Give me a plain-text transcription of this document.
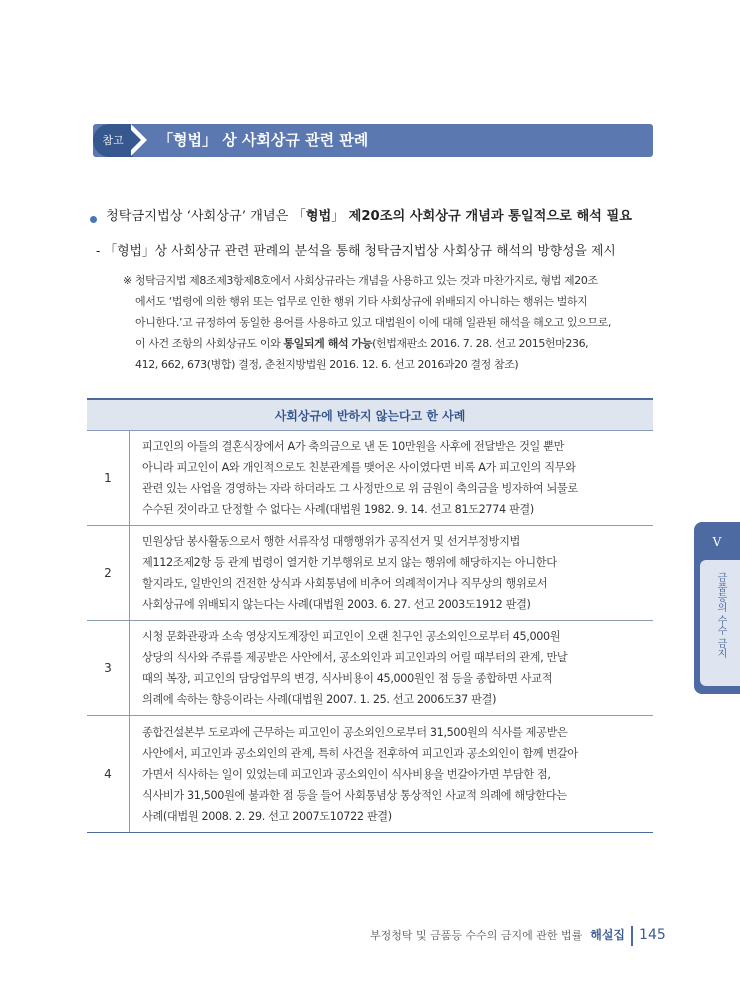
참고	「형법」 상 사회상규 관련 판례
청탁금지법상 ‘사회상규’ 개념은 「형법」 제20조의 사회상규 개념과 통일적으로 해석 필요
- 「형법」상 사회상규 관련 판례의 분석을 통해 청탁금지법상 사회상규 해석의 방향성을 제시
※ 청탁금지법 제8조제3항제8호에서 사회상규라는 개념을 사용하고 있는 것과 마찬가지로, 형법 제20조
에서도 ‘법령에 의한 행위 또는 업무로 인한 행위 기타 사회상규에 위배되지 아니하는 행위는 벌하지
아니한다.’고 규정하여 동일한 용어를 사용하고 있고 대법원이 이에 대해 일관된 해석을 해오고 있으므로,
이 사건 조항의 사회상규도 이와 통일되게 해석 가능(헌법재판소 2016. 7. 28. 선고 2015헌마236,
412, 662, 673(병합) 결정, 춘천지방법원 2016. 12. 6. 선고 2016과20 결정 참조)
사회상규에 반하지 않는다고 한 사례	
1	피고인의 아들의 결혼식장에서 A가 축의금으로 낸 돈 10만원을 사후에 전달받은 것일 뿐만
아니라 피고인이 A와 개인적으로도 친분관계를 맺어온 사이였다면 비록 A가 피고인의 직무와
관련 있는 사업을 경영하는 자라 하더라도 그 사정만으로 위 금원이 축의금을 빙자하여 뇌물로
수수된 것이라고 단정할 수 없다는 사례(대법원 1982. 9. 14. 선고 81도2774 판결)

2	민원상담 봉사활동으로서 행한 서류작성 대행행위가 공직선거 및 선거부정방지법
제112조제2항 등 관계 법령이 열거한 기부행위로 보지 않는 행위에 해당하지는 아니한다
할지라도, 일반인의 건전한 상식과 사회통념에 비추어 의례적이거나 직무상의 행위로서
사회상규에 위배되지 않는다는 사례(대법원 2003. 6. 27. 선고 2003도1912 판결)

3	시청 문화관광과 소속 영상지도계장인 피고인이 오랜 친구인 공소외인으로부터 45,000원
상당의 식사와 주류를 제공받은 사안에서, 공소외인과 피고인과의 어릴 때부터의 관계, 만날
때의 복장, 피고인의 담당업무의 변경, 식사비용이 45,000원인 점 등을 종합하면 사교적
의례에 속하는 향응이라는 사례(대법원 2007. 1. 25. 선고 2006도37 판결)

4	종합건설본부 도로과에 근무하는 피고인이 공소외인으로부터 31,500원의 식사를 제공받은
사안에서, 피고인과 공소외인의 관계, 특히 사건을 전후하여 피고인과 공소외인이 함께 번갈아
가면서 식사하는 일이 있었는데 피고인과 공소외인이 식사비용을 번갈아가면 부담한 점,
식사비가 31,500원에 불과한 점 등을 들어 사회통념상 통상적인 사교적 의례에 해당한다는
사례(대법원 2008. 2. 29. 선고 2007도10722 판결)
V
금품등의 수수 금지
부정청탁 및 금품등 수수의 금지에 관한 법률 해설집 145
